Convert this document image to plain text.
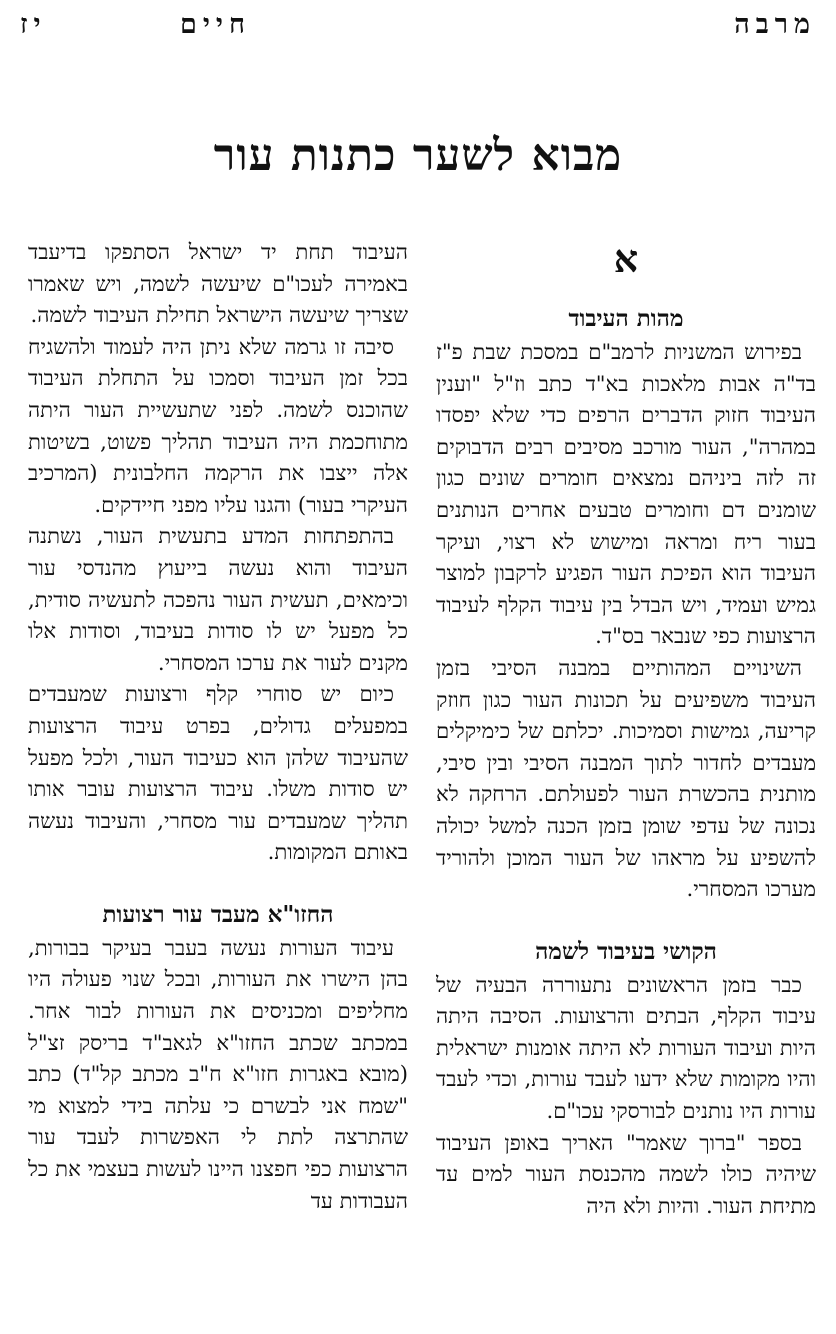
מרבה
חיים
יז
מבוא לשער כתנות עור
א
מהות העיבוד

בפירוש המשניות לרמב"ם במסכת שבת פ"ז בד"ה אבות מלאכות בא"ד כתב וז"ל "וענין העיבוד חזוק הדברים הרפים כדי שלא יפסדו במהרה", העור מורכב מסיבים רבים הדבוקים זה לזה ביניהם נמצאים חומרים שונים כגון שומנים דם וחומרים טבעים אחרים הנותנים בעור ריח ומראה ומישוש לא רצוי, ועיקר העיבוד הוא הפיכת העור הפגיע לרקבון למוצר גמיש ועמיד, ויש הבדל בין עיבוד הקלף לעיבוד הרצועות כפי שנבאר בס"ד.

השינויים המהותיים במבנה הסיבי בזמן העיבוד משפיעים על תכונות העור כגון חוזק קריעה, גמישות וסמיכות. יכלתם של כימיקלים מעבדים לחדור לתוך המבנה הסיבי ובין סיבי, מותנית בהכשרת העור לפעולתם. הרחקה לא נכונה של עדפי שומן בזמן הכנה למשל יכולה להשפיע על מראהו של העור המוכן ולהוריד מערכו המסחרי.

הקושי בעיבוד לשמה

כבר בזמן הראשונים נתעוררה הבעיה של עיבוד הקלף, הבתים והרצועות. הסיבה היתה היות ועיבוד העורות לא היתה אומנות ישראלית והיו מקומות שלא ידעו לעבד עורות, וכדי לעבד עורות היו נותנים לבורסקי עכו"ם.

בספר "ברוך שאמר" האריך באופן העיבוד שיהיה כולו לשמה מהכנסת העור למים עד מתיחת העור. והיות ולא היה

העיבוד תחת יד ישראל הסתפקו בדיעבד באמירה לעכו"ם שיעשה לשמה, ויש שאמרו שצריך שיעשה הישראל תחילת העיבוד לשמה.

סיבה זו גרמה שלא ניתן היה לעמוד ולהשגיח בכל זמן העיבוד וסמכו על התחלת העיבוד שהוכנס לשמה. לפני שתעשיית העור היתה מתוחכמת היה העיבוד תהליך פשוט, בשיטות אלה ייצבו את הרקמה החלבונית (המרכיב העיקרי בעור) והגנו עליו מפני חיידקים.

בהתפתחות המדע בתעשית העור, נשתנה העיבוד והוא נעשה בייעוץ מהנדסי עור וכימאים, תעשית העור נהפכה לתעשיה סודית, כל מפעל יש לו סודות בעיבוד, וסודות אלו מקנים לעור את ערכו המסחרי.

כיום יש סוחרי קלף ורצועות שמעבדים במפעלים גדולים, בפרט עיבוד הרצועות שהעיבוד שלהן הוא כעיבוד העור, ולכל מפעל יש סודות משלו. עיבוד הרצועות עובר אותו תהליך שמעבדים עור מסחרי, והעיבוד נעשה באותם המקומות.

החזו"א מעבד עור רצועות

עיבוד העורות נעשה בעבר בעיקר בבורות, בהן הישרו את העורות, ובכל שנוי פעולה היו מחליפים ומכניסים את העורות לבור אחר. במכתב שכתב החזו"א לגאב"ד בריסק זצ"ל (מובא באגרות חזו"א ח"ב מכתב קל"ד) כתב "שמח אני לבשרם כי עלתה בידי למצוא מי שהתרצה לתת לי האפשרות לעבד עור הרצועות כפי חפצנו היינו לעשות בעצמי את כל העבודות עד
